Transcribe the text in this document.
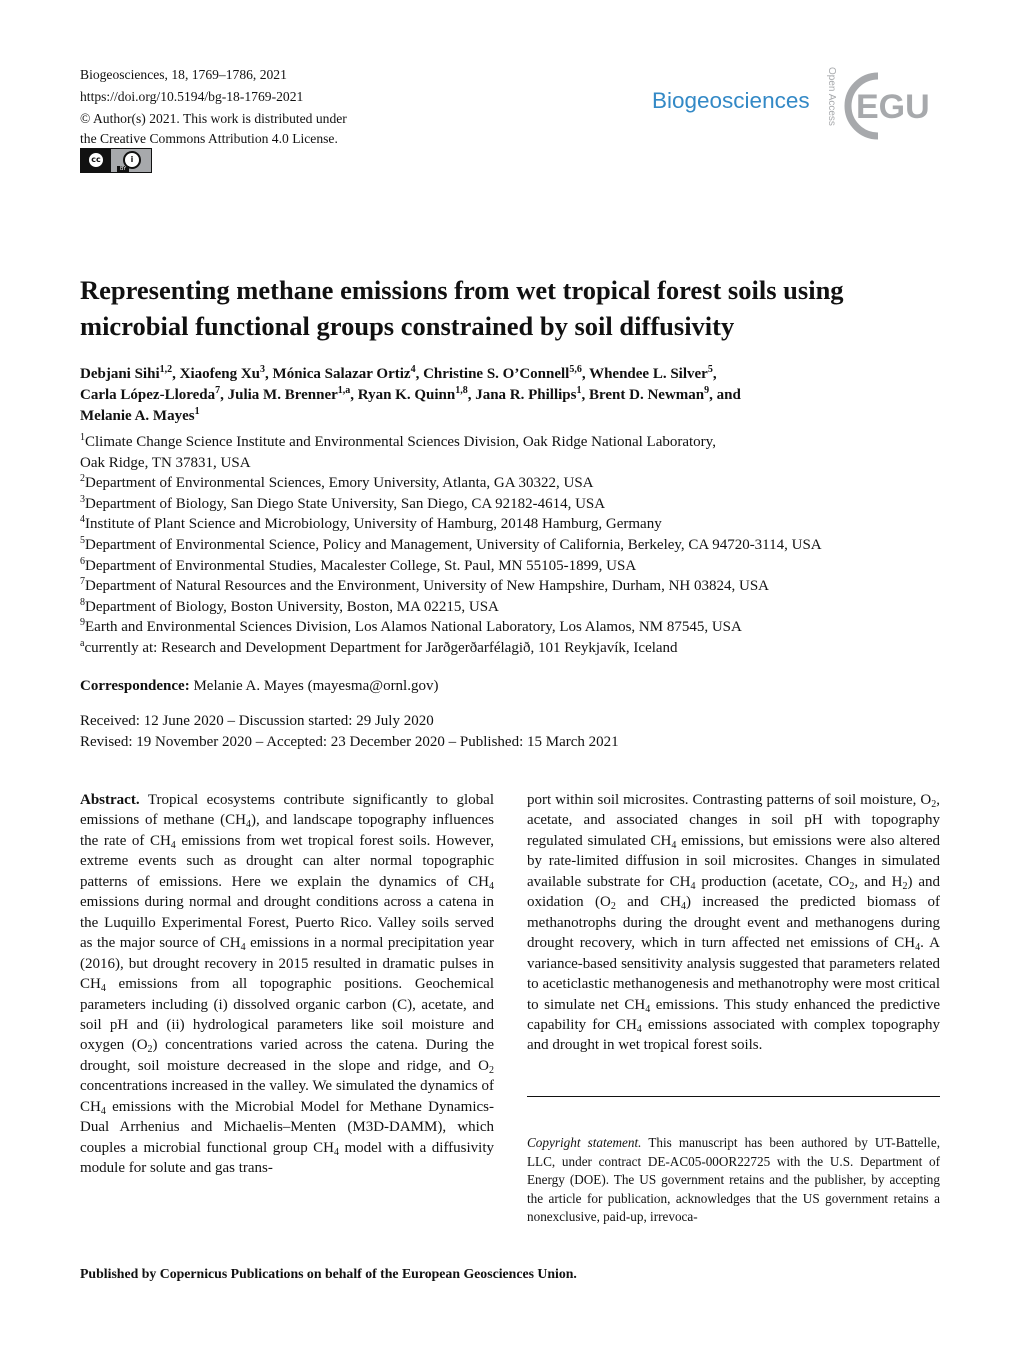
Biogeosciences, 18, 1769–1786, 2021
https://doi.org/10.5194/bg-18-1769-2021
© Author(s) 2021. This work is distributed under
the Creative Commons Attribution 4.0 License.
cc	i
BY
Biogeosciences Open Access EGU
Representing methane emissions from wet tropical forest soils using
microbial functional groups constrained by soil diffusivity
Debjani Sihi$^{1,2}$, Xiaofeng Xu$^3$, Mónica Salazar Ortiz$^4$, Christine S. O’Connell$^{5,6}$, Whendee L. Silver$^5$,
Carla López-Lloreda$^7$, Julia M. Brenner$^{1,a}$, Ryan K. Quinn$^{1,8}$, Jana R. Phillips$^1$, Brent D. Newman$^9$, and
Melanie A. Mayes$^1$
$^1$Climate Change Science Institute and Environmental Sciences Division, Oak Ridge National Laboratory,
Oak Ridge, TN 37831, USA
$^2$Department of Environmental Sciences, Emory University, Atlanta, GA 30322, USA
$^3$Department of Biology, San Diego State University, San Diego, CA 92182-4614, USA
$^4$Institute of Plant Science and Microbiology, University of Hamburg, 20148 Hamburg, Germany
$^5$Department of Environmental Science, Policy and Management, University of California, Berkeley, CA 94720-3114, USA
$^6$Department of Environmental Studies, Macalester College, St. Paul, MN 55105-1899, USA
$^7$Department of Natural Resources and the Environment, University of New Hampshire, Durham, NH 03824, USA
$^8$Department of Biology, Boston University, Boston, MA 02215, USA
$^9$Earth and Environmental Sciences Division, Los Alamos National Laboratory, Los Alamos, NM 87545, USA
$^a$currently at: Research and Development Department for Jarðgerðarfélagið, 101 Reykjavík, Iceland
Correspondence: Melanie A. Mayes (mayesma@ornl.gov)
Received: 12 June 2020 – Discussion started: 29 July 2020
Revised: 19 November 2020 – Accepted: 23 December 2020 – Published: 15 March 2021
Abstract. Tropical ecosystems contribute significantly to global emissions of methane $(CH_4)$, and landscape topography influences the rate of $CH_4$ emissions from wet tropical forest soils. However, extreme events such as drought can alter normal topographic patterns of emissions. Here we explain the dynamics of $CH_4$ emissions during normal and drought conditions across a catena in the Luquillo Experimental Forest, Puerto Rico. Valley soils served as the major source of $CH_4$ emissions in a normal precipitation year (2016), but drought recovery in 2015 resulted in dramatic pulses in $CH_4$ emissions from all topographic positions. Geochemical parameters including (i) dissolved organic carbon (C), acetate, and soil pH and (ii) hydrological parameters like soil moisture and oxygen $(O_2)$ concentrations varied across the catena. During the drought, soil moisture decreased in the slope and ridge, and $O_2$ concentrations increased in the valley. We simulated the dynamics of $CH_4$ emissions with the Microbial Model for Methane Dynamics-Dual Arrhenius and Michaelis–Menten (M3D-DAMM), which couples a microbial functional group $CH_4$ model with a diffusivity module for solute and gas trans-
port within soil microsites. Contrasting patterns of soil moisture, $O_2$, acetate, and associated changes in soil pH with topography regulated simulated $CH_4$ emissions, but emissions were also altered by rate-limited diffusion in soil microsites. Changes in simulated available substrate for $CH_4$ production (acetate, $CO_2$, and $H_2$) and oxidation ($O_2$ and $CH_4$) increased the predicted biomass of methanotrophs during the drought event and methanogens during drought recovery, which in turn affected net emissions of $CH_4$. A variance-based sensitivity analysis suggested that parameters related to aceticlastic methanogenesis and methanotrophy were most critical to simulate net $CH_4$ emissions. This study enhanced the predictive capability for $CH_4$ emissions associated with complex topography and drought in wet tropical forest soils.
Copyright statement. This manuscript has been authored by UT-Battelle, LLC, under contract DE-AC05-00OR22725 with the U.S. Department of Energy (DOE). The US government retains and the publisher, by accepting the article for publication, acknowledges that the US government retains a nonexclusive, paid-up, irrevoca-
Published by Copernicus Publications on behalf of the European Geosciences Union.
